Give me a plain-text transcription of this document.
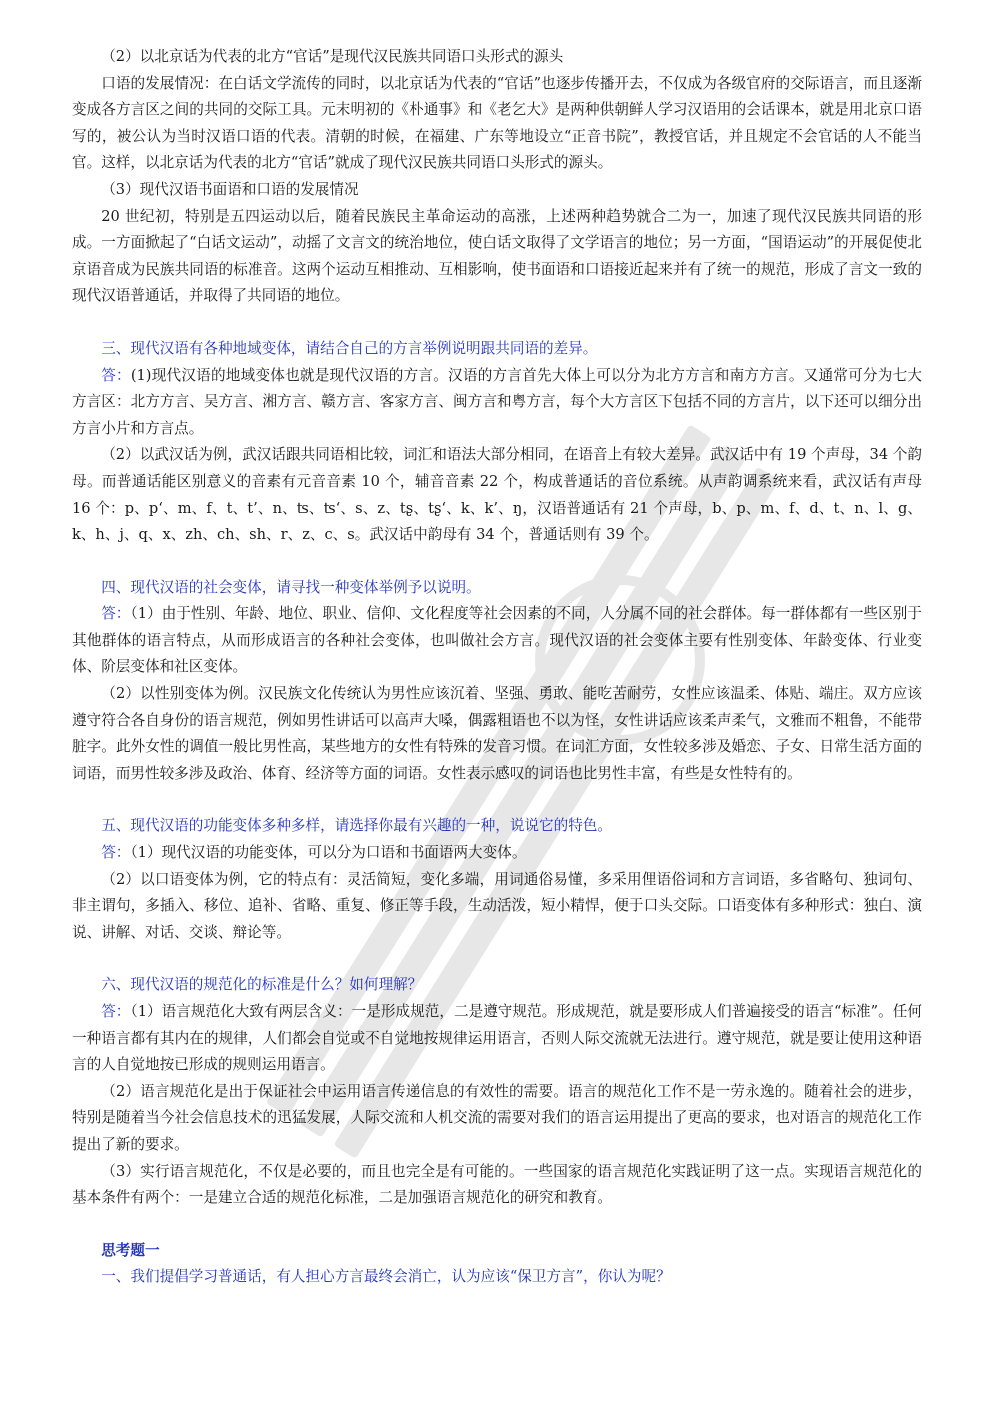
（2）以北京话为代表的北方“官话”是现代汉民族共同语口头形式的源头

口语的发展情况：在白话文学流传的同时，以北京话为代表的“官话”也逐步传播开去，不仅成为各级官府的交际语言，而且逐渐变成各方言区之间的共同的交际工具。元末明初的《朴通事》和《老乞大》是两种供朝鲜人学习汉语用的会话课本，就是用北京口语写的，被公认为当时汉语口语的代表。清朝的时候，在福建、广东等地设立“正音书院”，教授官话，并且规定不会官话的人不能当官。这样，以北京话为代表的北方“官话”就成了现代汉民族共同语口头形式的源头。

（3）现代汉语书面语和口语的发展情况

20 世纪初，特别是五四运动以后，随着民族民主革命运动的高涨，上述两种趋势就合二为一，加速了现代汉民族共同语的形成。一方面掀起了“白话文运动”，动摇了文言文的统治地位，使白话文取得了文学语言的地位；另一方面，“国语运动”的开展促使北京语音成为民族共同语的标准音。这两个运动互相推动、互相影响，使书面语和口语接近起来并有了统一的规范，形成了言文一致的现代汉语普通话，并取得了共同语的地位。

三、现代汉语有各种地域变体，请结合自己的方言举例说明跟共同语的差异。

答：(1)现代汉语的地域变体也就是现代汉语的方言。汉语的方言首先大体上可以分为北方方言和南方方言。又通常可分为七大方言区：北方方言、吴方言、湘方言、赣方言、客家方言、闽方言和粤方言，每个大方言区下包括不同的方言片，以下还可以细分出方言小片和方言点。

（2）以武汉话为例，武汉话跟共同语相比较，词汇和语法大部分相同，在语音上有较大差异。武汉话中有 19 个声母，34 个韵母。而普通话能区别意义的音素有元音音素 10 个，辅音音素 22 个，构成普通话的音位系统。从声韵调系统来看，武汉话有声母 16 个：p、p‘、m、f、t、t’、n、ʦ、ʦ‘、s、z、tʂ、tʂ‘、k、k’、ŋ，汉语普通话有 21 个声母，b、p、m、f、d、t、n、l、g、k、h、j、q、x、zh、ch、sh、r、z、c、s。武汉话中韵母有 34 个，普通话则有 39 个。

四、现代汉语的社会变体，请寻找一种变体举例予以说明。

答：（1）由于性别、年龄、地位、职业、信仰、文化程度等社会因素的不同，人分属不同的社会群体。每一群体都有一些区别于其他群体的语言特点，从而形成语言的各种社会变体，也叫做社会方言。现代汉语的社会变体主要有性别变体、年龄变体、行业变体、阶层变体和社区变体。

（2）以性别变体为例。汉民族文化传统认为男性应该沉着、坚强、勇敢、能吃苦耐劳，女性应该温柔、体贴、端庄。双方应该遵守符合各自身份的语言规范，例如男性讲话可以高声大嗓，偶露粗语也不以为怪，女性讲话应该柔声柔气，文雅而不粗鲁，不能带脏字。此外女性的调值一般比男性高，某些地方的女性有特殊的发音习惯。在词汇方面，女性较多涉及婚恋、子女、日常生活方面的词语，而男性较多涉及政治、体育、经济等方面的词语。女性表示感叹的词语也比男性丰富，有些是女性特有的。

五、现代汉语的功能变体多种多样，请选择你最有兴趣的一种，说说它的特色。

答：（1）现代汉语的功能变体，可以分为口语和书面语两大变体。

（2）以口语变体为例，它的特点有：灵活简短，变化多端，用词通俗易懂，多采用俚语俗词和方言词语，多省略句、独词句、非主谓句，多插入、移位、追补、省略、重复、修正等手段，生动活泼，短小精悍，便于口头交际。口语变体有多种形式：独白、演说、讲解、对话、交谈、辩论等。

六、现代汉语的规范化的标准是什么？如何理解？

答：（1）语言规范化大致有两层含义：一是形成规范，二是遵守规范。形成规范，就是要形成人们普遍接受的语言“标准”。任何一种语言都有其内在的规律，人们都会自觉或不自觉地按规律运用语言，否则人际交流就无法进行。遵守规范，就是要让使用这种语言的人自觉地按已形成的规则运用语言。

（2）语言规范化是出于保证社会中运用语言传递信息的有效性的需要。语言的规范化工作不是一劳永逸的。随着社会的进步，特别是随着当今社会信息技术的迅猛发展，人际交流和人机交流的需要对我们的语言运用提出了更高的要求，也对语言的规范化工作提出了新的要求。

（3）实行语言规范化，不仅是必要的，而且也完全是有可能的。一些国家的语言规范化实践证明了这一点。实现语言规范化的基本条件有两个：一是建立合适的规范化标准，二是加强语言规范化的研究和教育。

思考题一

一、我们提倡学习普通话，有人担心方言最终会消亡，认为应该“保卫方言”，你认为呢？
